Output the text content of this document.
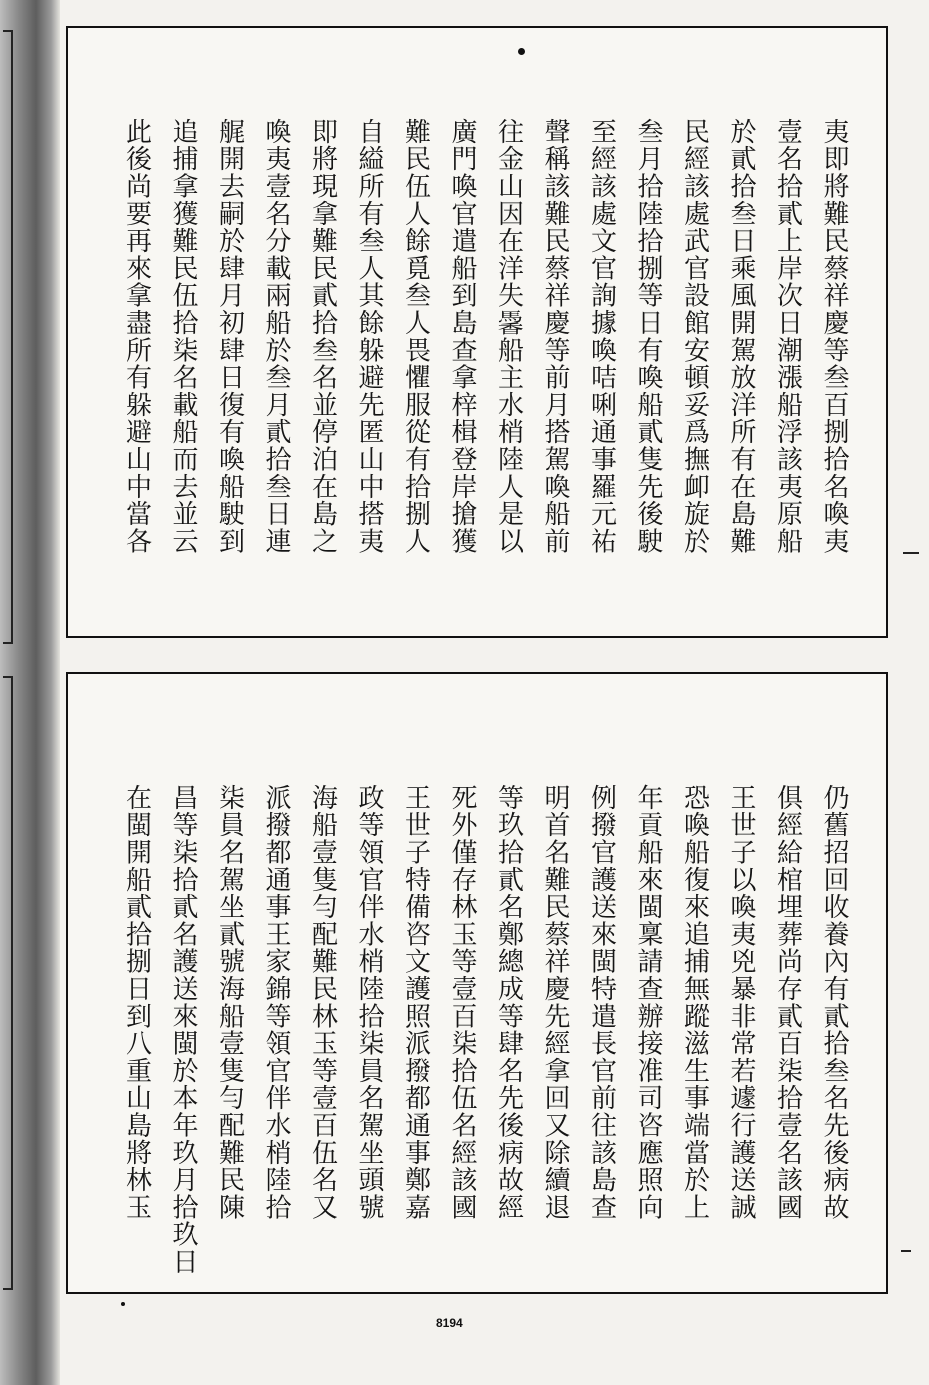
夷即將難民蔡祥慶等叁百捌拾名喚夷
壹名拾貳上岸次日潮漲船浮該夷原船
於貳拾叁日乘風開駕放洋所有在島難
民經該處武官設館安頓妥爲撫卹旋於
叁月拾陸拾捌等日有喚船貳隻先後駛
至經該處文官詢據喚咭唎通事羅元祐
聲稱該難民蔡祥慶等前月搭駕喚船前
往金山因在洋失𩤹船主水梢陸人是以
廣門喚官遣船到島查拿梓楫登岸搶獲
難民伍人餘覓叁人畏懼服從有拾捌人
自縊所有叁人其餘躲避先匿山中搭夷
即將現拿難民貳拾叁名並停泊在島之
喚夷壹名分載兩船於叁月貳拾叁日連
艉開去嗣於肆月初肆日復有喚船駛到
追捕拿獲難民伍拾柒名載船而去並云
此後尚要再來拿盡所有躲避山中當各
仍舊招回收養內有貳拾叁名先後病故
俱經給棺埋葬尚存貳百柒拾壹名該國
王世子以喚夷兇暴非常若遽行護送誠
恐喚船復來追捕無蹤滋生事端當於上
年貢船來閩稟請查辦接准司咨應照向
例撥官護送來閩特遣長官前往該島查
明首名難民蔡祥慶先經拿回又除續退
等玖拾貳名鄭總成等肆名先後病故經
死外僅存林玉等壹百柒拾伍名經該國
王世子特備咨文護照派撥都通事鄭嘉
政等領官伴水梢陸拾柒員名駕坐頭號
海船壹隻勻配難民林玉等壹百伍名又
派撥都通事王家錦等領官伴水梢陸拾
柒員名駕坐貳號海船壹隻勻配難民陳
昌等柒拾貳名護送來閩於本年玖月拾玖日
在閩開船貳拾捌日到八重山島將林玉
8194
